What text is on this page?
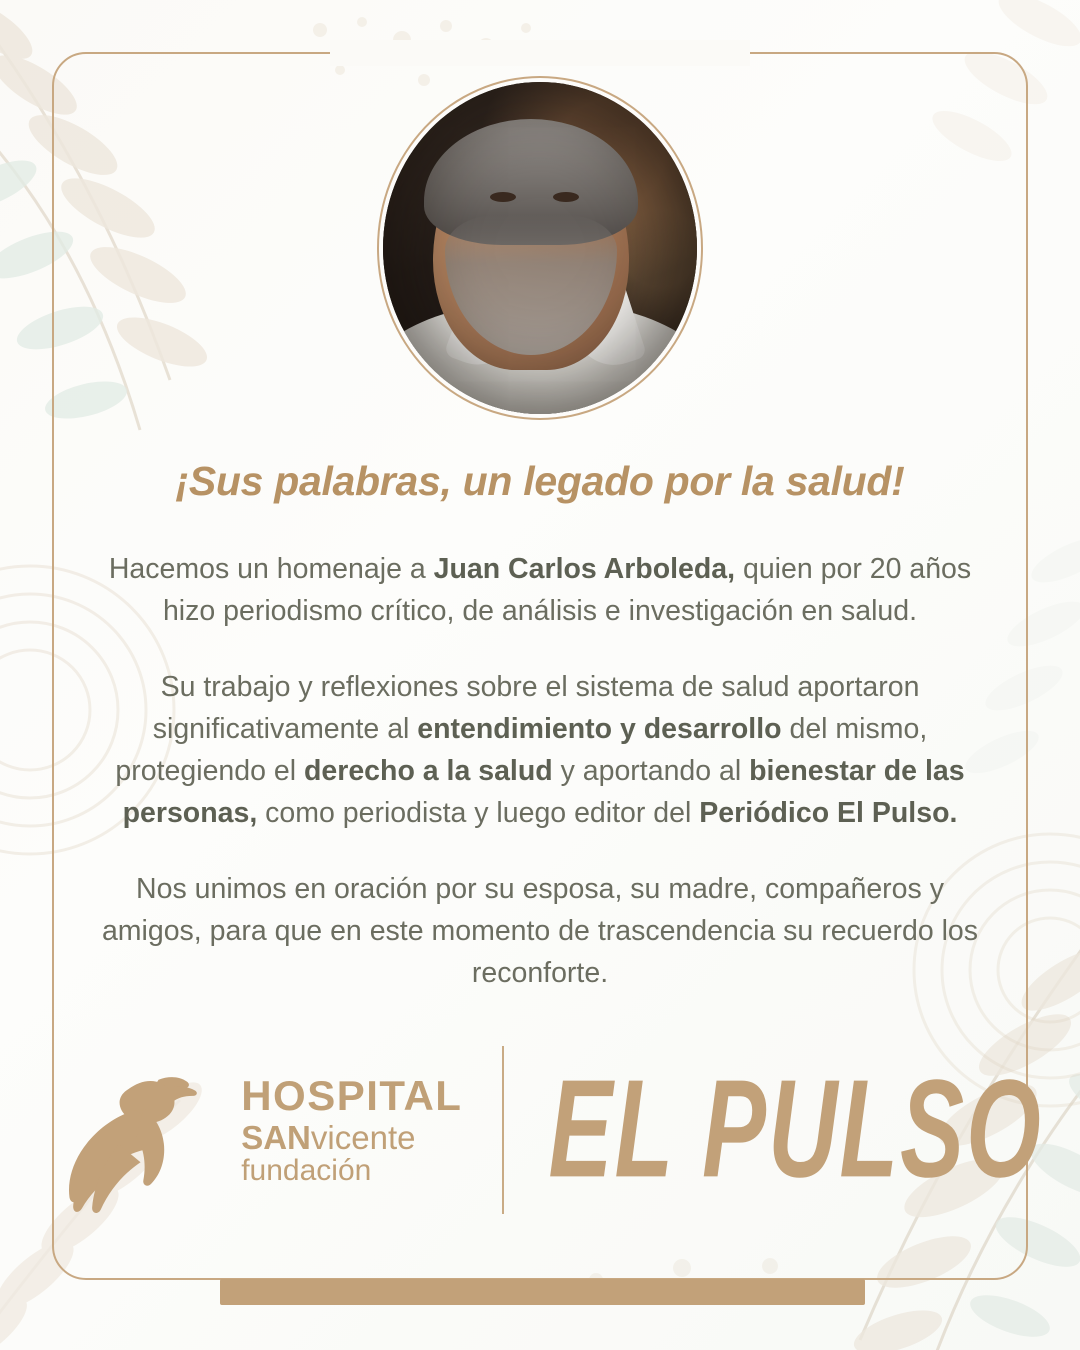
¡Sus palabras, un legado por la salud!

Hacemos un homenaje a Juan Carlos Arboleda, quien por 20 años hizo periodismo crítico, de análisis e investigación en salud.

Su trabajo y reflexiones sobre el sistema de salud aportaron significativamente al entendimiento y desarrollo del mismo, protegiendo el derecho a la salud y aportando al bienestar de las personas, como periodista y luego editor del Periódico El Pulso.

Nos unimos en oración por su esposa, su madre, compañeros y amigos, para que en este momento de trascendencia su recuerdo los reconforte.

HOSPITAL
SANvicente
fundación	EL PULSO
